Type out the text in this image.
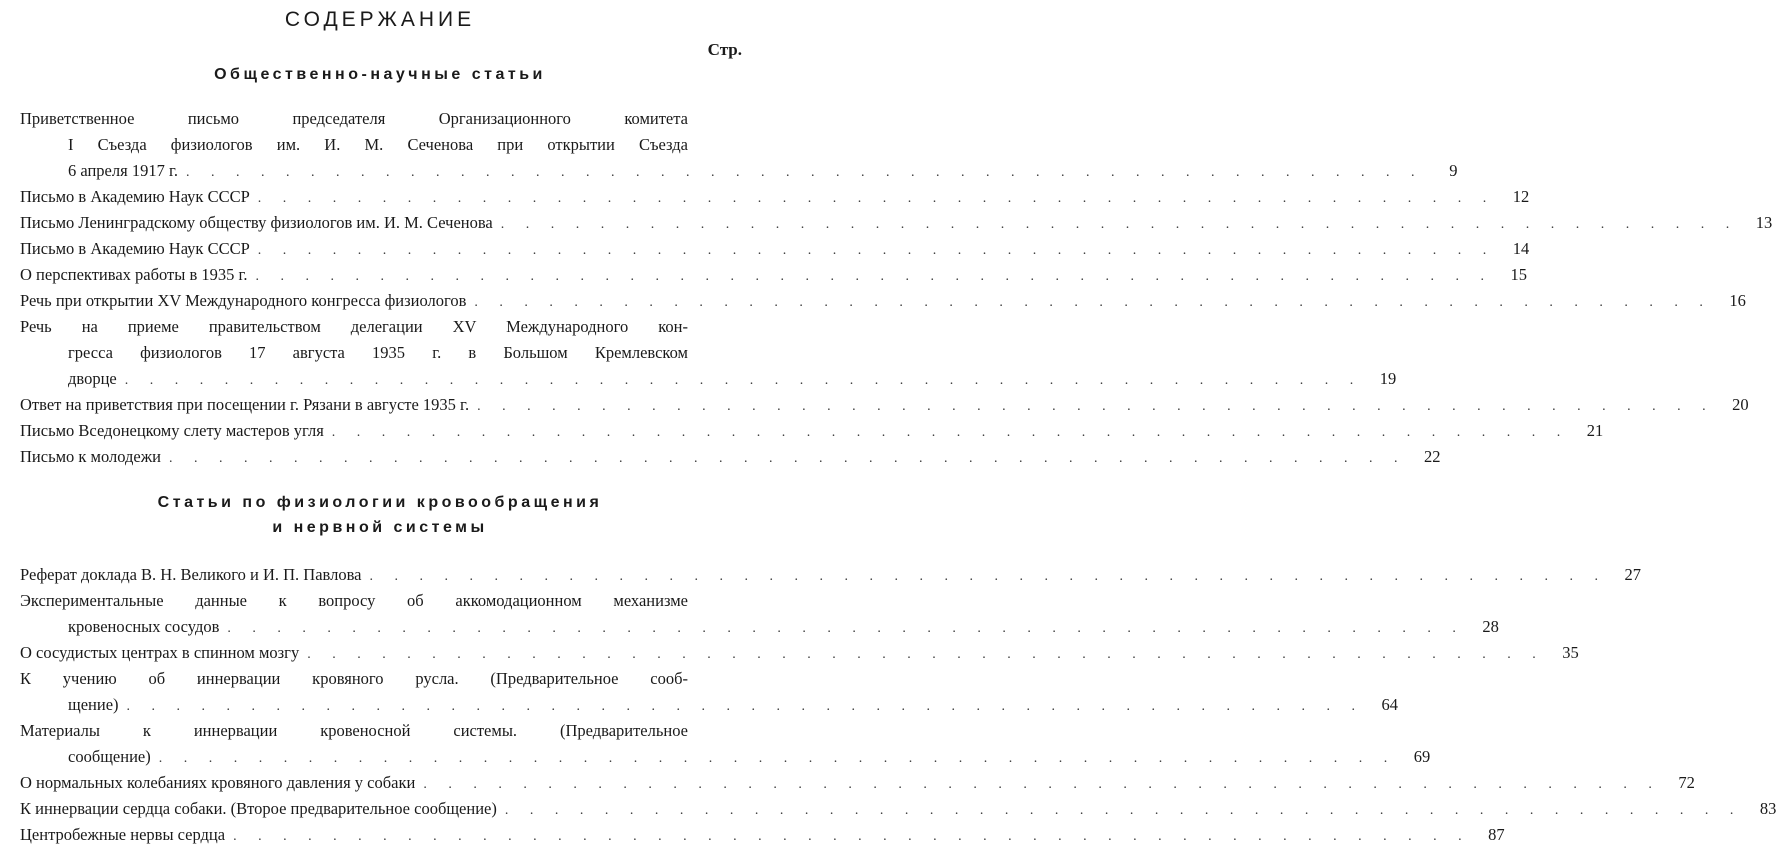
СОДЕРЖАНИЕ
Стр.
Общественно-научные статьи
Приветственное письмо председателя Организационного комитета
I Съезда физиологов им. И. М. Сеченова при открытии Съезда
6 апреля 1917 г. . . . . . . . . . . . . . . . . . . . . . . . . . . . . . . . . . . . . . . . . . . . . . . . . . .	9
Письмо в Академию Наук СССР . . . . . . . . . . . . . . . . . . . . . . . . . . . . . . . . . . . . . . . . . . . . . . . . . .	12
Письмо Ленинградскому обществу физиологов им. И. М. Сеченова . . . . . . . . . . . . . . . . . . . . . . . . . . . . . . . . . . . . . . . . . . . . . . . . . .	13
Письмо в Академию Наук СССР . . . . . . . . . . . . . . . . . . . . . . . . . . . . . . . . . . . . . . . . . . . . . . . . . .	14
О перспективах работы в 1935 г. . . . . . . . . . . . . . . . . . . . . . . . . . . . . . . . . . . . . . . . . . . . . . . . . . .	15
Речь при открытии XV Международного конгресса физиологов . . . . . . . . . . . . . . . . . . . . . . . . . . . . . . . . . . . . . . . . . . . . . . . . . .	16
Речь на приеме правительством делегации XV Международного кон-
гресса физиологов 17 августа 1935 г. в Большом Кремлевском
дворце . . . . . . . . . . . . . . . . . . . . . . . . . . . . . . . . . . . . . . . . . . . . . . . . . .	19
Ответ на приветствия при посещении г. Рязани в августе 1935 г. . . . . . . . . . . . . . . . . . . . . . . . . . . . . . . . . . . . . . . . . . . . . . . . . . .	20
Письмо Вседонецкому слету мастеров угля . . . . . . . . . . . . . . . . . . . . . . . . . . . . . . . . . . . . . . . . . . . . . . . . . .	21
Письмо к молодежи . . . . . . . . . . . . . . . . . . . . . . . . . . . . . . . . . . . . . . . . . . . . . . . . . .	22
Статьи по физиологии кровообращения
и нервной системы
Реферат доклада В. Н. Великого и И. П. Павлова . . . . . . . . . . . . . . . . . . . . . . . . . . . . . . . . . . . . . . . . . . . . . . . . . .	27
Экспериментальные данные к вопросу об аккомодационном механизме
кровеносных сосудов . . . . . . . . . . . . . . . . . . . . . . . . . . . . . . . . . . . . . . . . . . . . . . . . . .	28
О сосудистых центрах в спинном мозгу . . . . . . . . . . . . . . . . . . . . . . . . . . . . . . . . . . . . . . . . . . . . . . . . . .	35
К учению об иннервации кровяного русла. (Предварительное сооб-
щение) . . . . . . . . . . . . . . . . . . . . . . . . . . . . . . . . . . . . . . . . . . . . . . . . . .	64
Материалы к иннервации кровеносной системы. (Предварительное
сообщение) . . . . . . . . . . . . . . . . . . . . . . . . . . . . . . . . . . . . . . . . . . . . . . . . . .	69
О нормальных колебаниях кровяного давления у собаки . . . . . . . . . . . . . . . . . . . . . . . . . . . . . . . . . . . . . . . . . . . . . . . . . .	72
К иннервации сердца собаки. (Второе предварительное сообщение) . . . . . . . . . . . . . . . . . . . . . . . . . . . . . . . . . . . . . . . . . . . . . . . . . .	83
Центробежные нервы сердца . . . . . . . . . . . . . . . . . . . . . . . . . . . . . . . . . . . . . . . . . . . . . . . . . .	87
